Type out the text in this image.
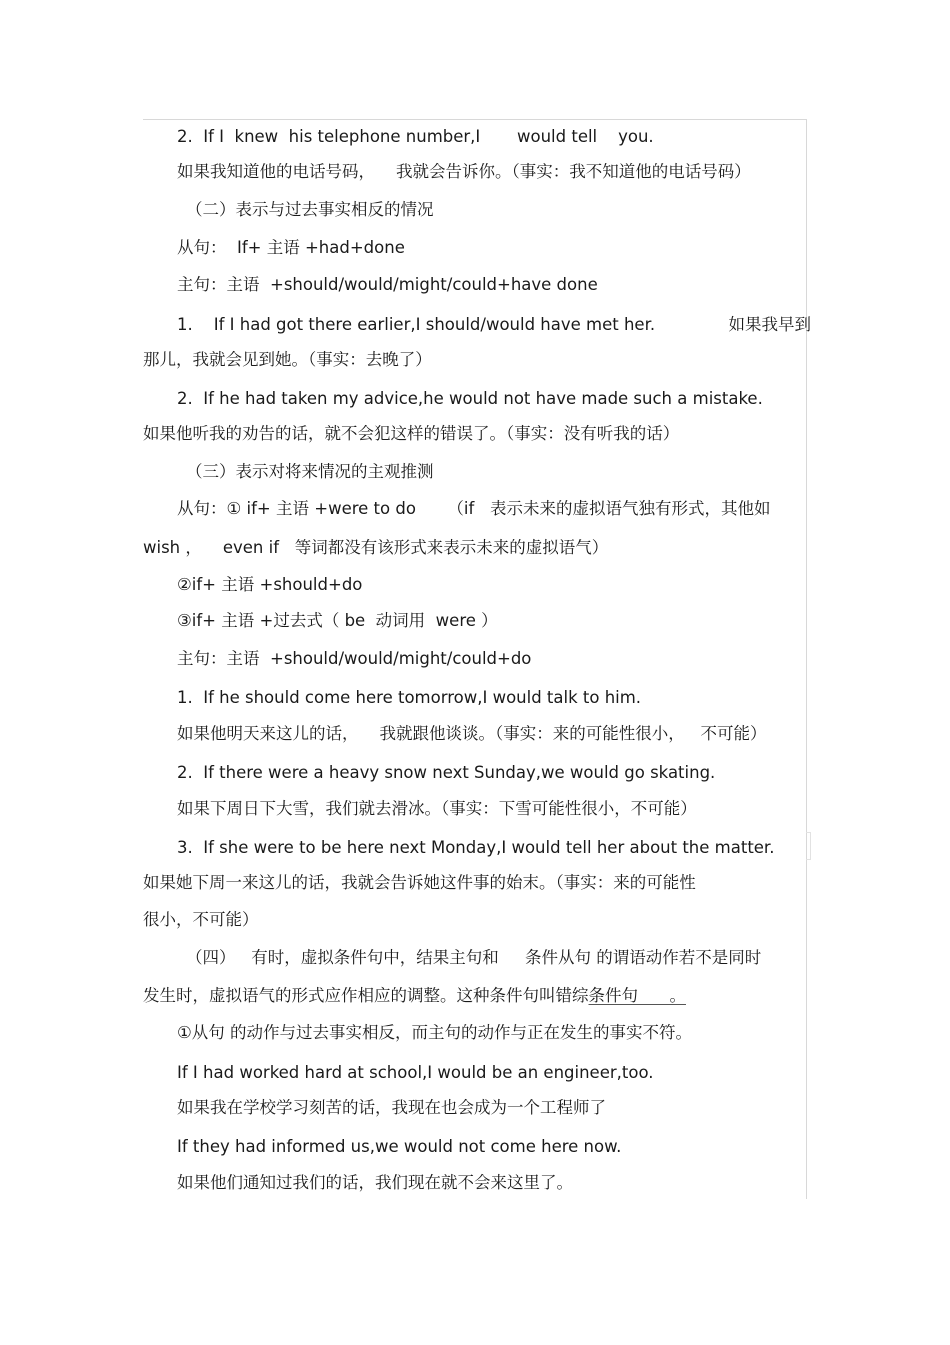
2.  If I  knew  his telephone number,I       would tell    you.
如果我知道他的电话号码，    我就会告诉你。（事实：我不知道他的电话号码）
（二）表示与过去事实相反的情况
从句：  If+ 主语 +had+done
主句：主语  +should/would/might/could+have done
1.    If I had got there earlier,I should/would have met her.              如果我早到
那儿，我就会见到她。（事实：去晚了）
2.  If he had taken my advice,he would not have made such a mistake.
如果他听我的劝告的话，就不会犯这样的错误了。（事实：没有听我的话）
（三）表示对将来情况的主观推测
从句：① if+ 主语 +were to do      （if   表示未来的虚拟语气独有形式，其他如
wish ，    even if   等词都没有该形式来表示未来的虚拟语气）
②if+ 主语 +should+do
③if+ 主语 +过去式（ be  动词用  were ）
主句：主语  +should/would/might/could+do
1.  If he should come here tomorrow,I would talk to him.
如果他明天来这儿的话，    我就跟他谈谈。（事实：来的可能性很小，   不可能）
2.  If there were a heavy snow next Sunday,we would go skating.
如果下周日下大雪，我们就去滑冰。（事实：下雪可能性很小，不可能）
3.  If she were to be here next Monday,I would tell her about the matter.
如果她下周一来这儿的话，我就会告诉她这件事的始末。（事实：来的可能性
很小，不可能）
（四）   有时，虚拟条件句中，结果主句和     条件从句 的谓语动作若不是同时
发生时，虚拟语气的形式应作相应的调整。这种条件句叫错综条件句      。
①从句 的动作与过去事实相反，而主句的动作与正在发生的事实不符。
If I had worked hard at school,I would be an engineer,too.
如果我在学校学习刻苦的话，我现在也会成为一个工程师了
If they had informed us,we would not come here now.
如果他们通知过我们的话，我们现在就不会来这里了。
